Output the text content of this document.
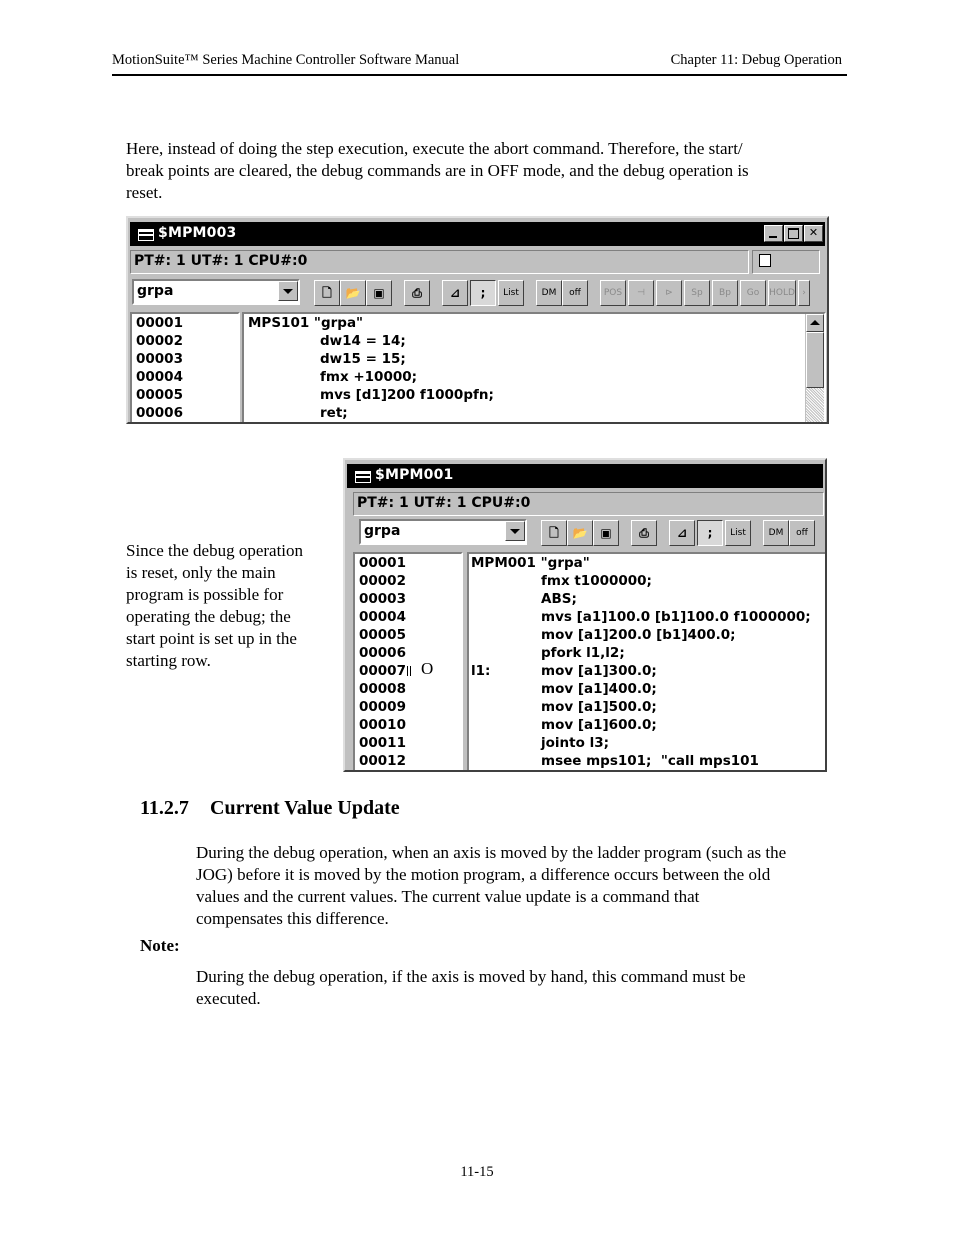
MotionSuite™ Series Machine Controller Software Manual	Chapter 11: Debug Operation
Here, instead of doing the step execution, execute the abort command. Therefore, the start/
break points are cleared, the debug commands are in OFF mode, and the debug operation is
reset.
$MPM003	✕
PT#: 1 UT#: 1 CPU#:0
grpa	🗋	📂	▣	⎙	⊿	;	List	DM	off	POS	⊣	⊳	Sp	Bp	Go	HOLD ›
00001
00002
00003
00004
00005
00006
MPS101 "grpa"
dw14 = 14;
dw15 = 15;
fmx +10000;
mvs [d1]200 f1000pfn;
ret;
$MPM001
PT#: 1 UT#: 1 CPU#:0
grpa	🗋	📂	▣	⎙	⊿	;	List	DM	off
00001
00002
00003
00004
00005
00006
00007 O
00008
00009
00010
00011
00012
MPM001 "grpa"
fmx t1000000;
ABS;
mvs [a1]100.0 [b1]100.0 f1000000;
mov [a1]200.0 [b1]400.0;
pfork l1,l2;
l1:	mov [a1]300.0;
mov [a1]400.0;
mov [a1]500.0;
mov [a1]600.0;
jointo l3;
msee mps101;  "call mps101
Since the debug operation
is reset, only the main
program is possible for
operating the debug; the
start point is set up in the
starting row.
11.2.7 Current Value Update
During the debug operation, when an axis is moved by the ladder program (such as the
JOG) before it is moved by the motion program, a difference occurs between the old
values and the current values. The current value update is a command that
compensates this difference.
Note:
During the debug operation, if the axis is moved by hand, this command must be
executed.
11-15
